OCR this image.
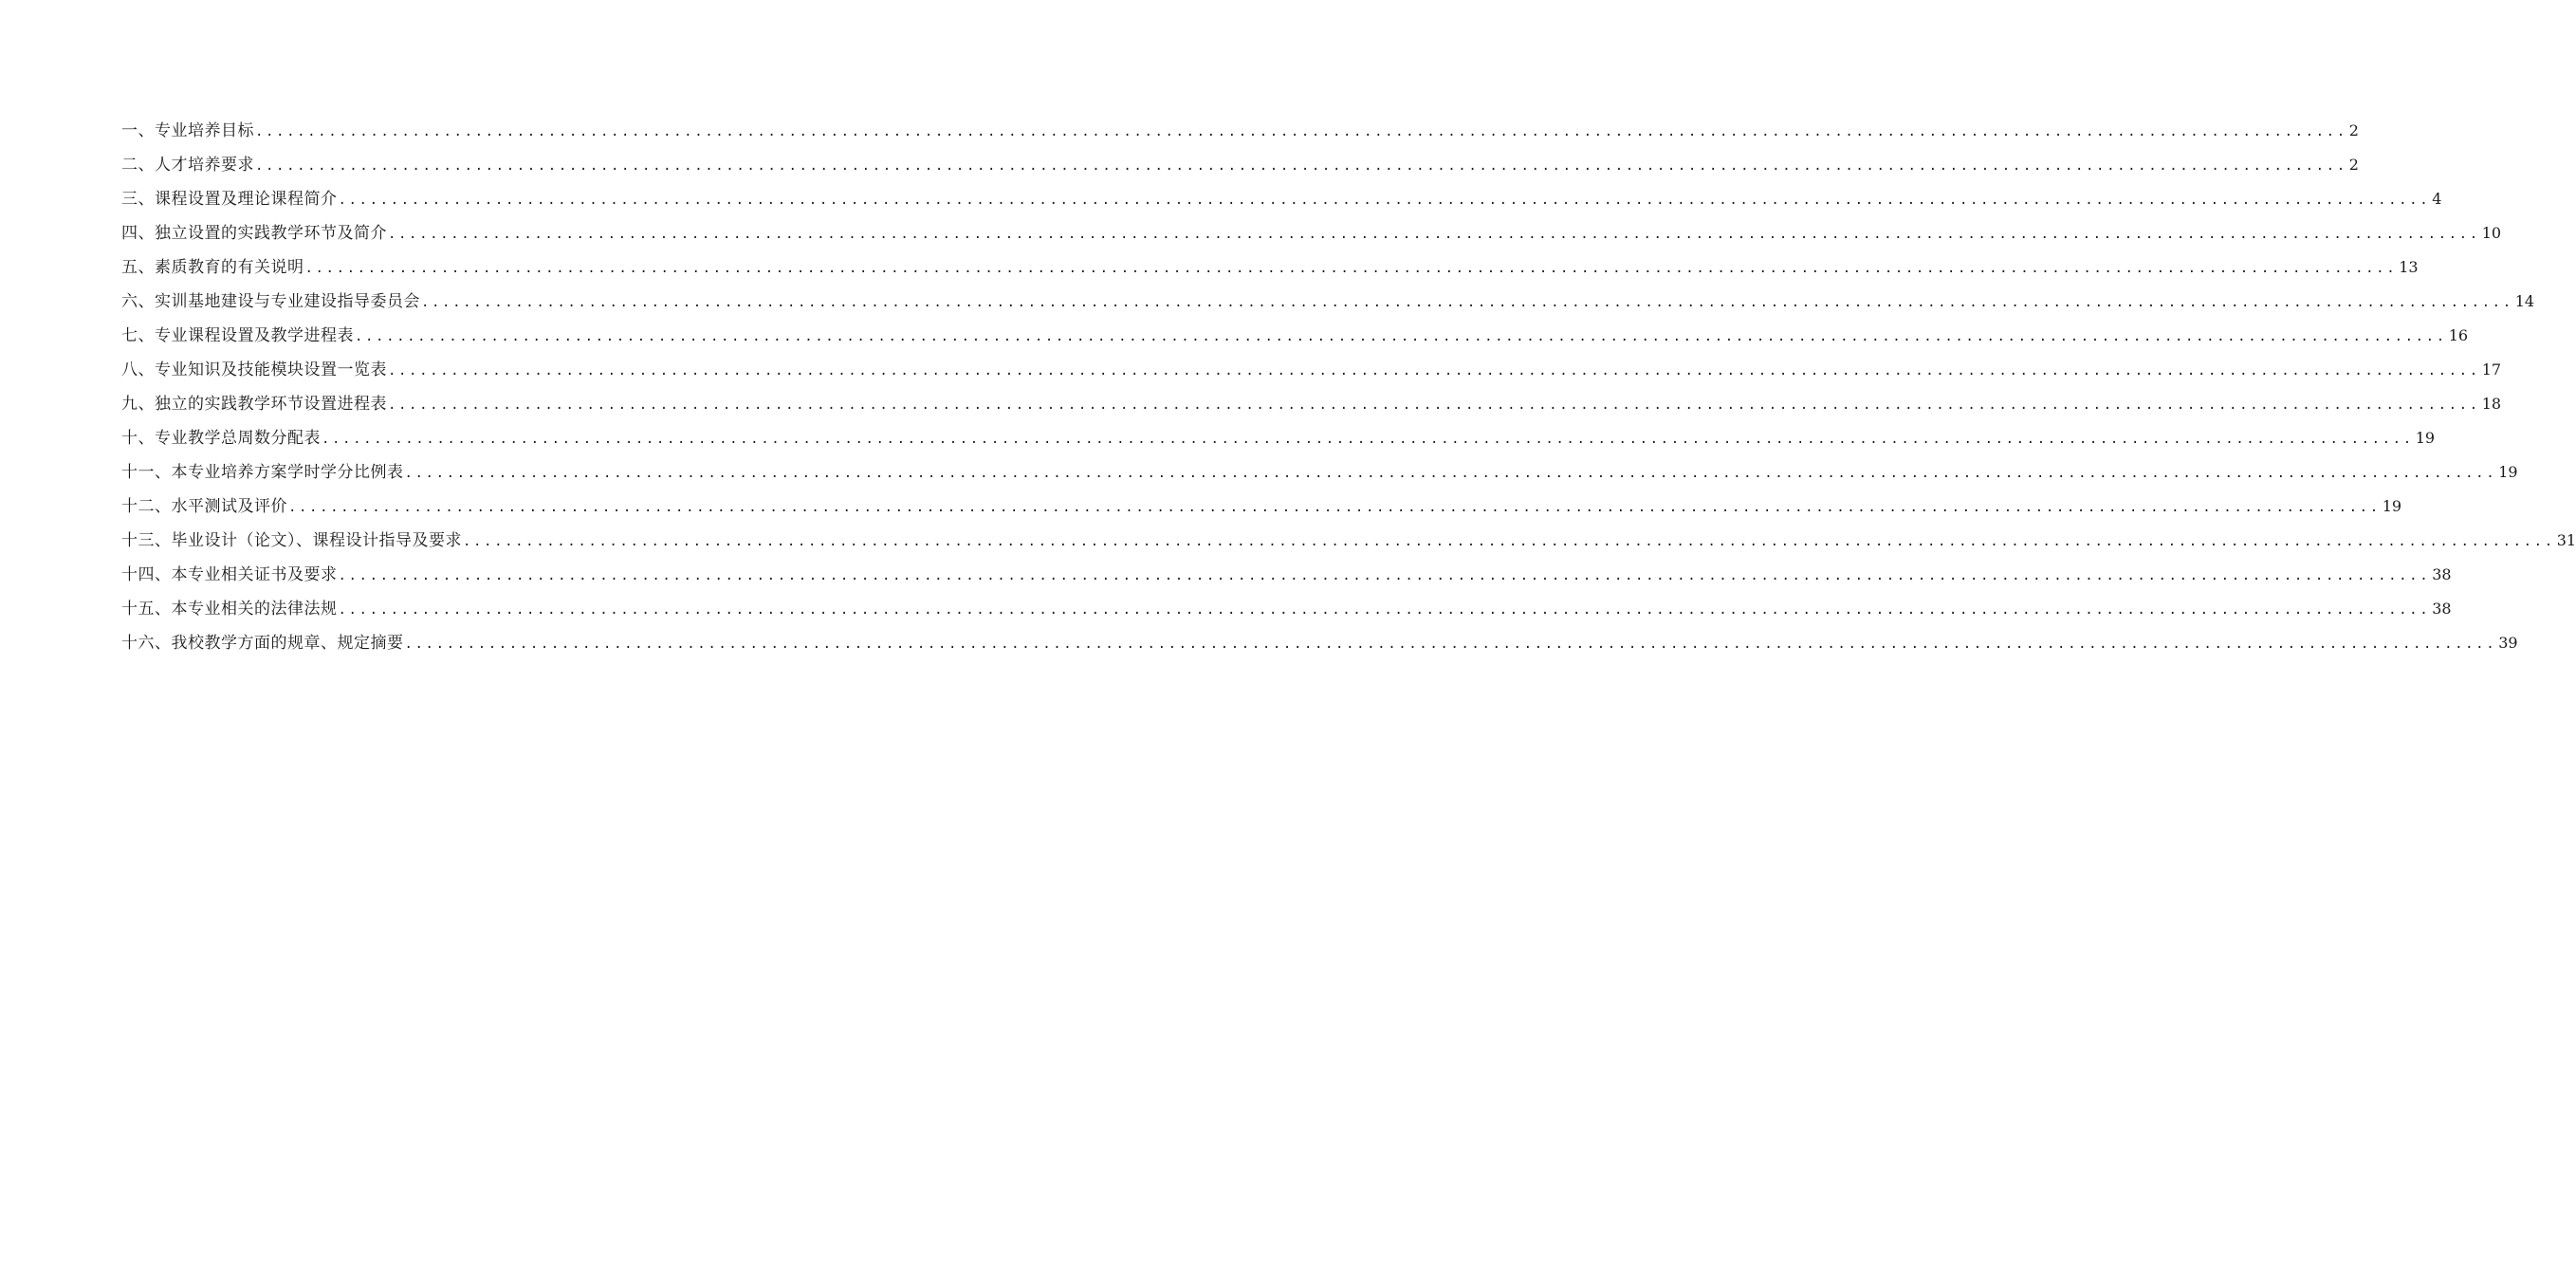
一、专业培养目标 ........................................................................................................................................................................................................ 2
二、人才培养要求 ........................................................................................................................................................................................................ 2
三、课程设置及理论课程简介 ........................................................................................................................................................................................................ 4
四、独立设置的实践教学环节及简介 ........................................................................................................................................................................................................ 10
五、素质教育的有关说明 ........................................................................................................................................................................................................ 13
六、实训基地建设与专业建设指导委员会 ........................................................................................................................................................................................................ 14
七、专业课程设置及教学进程表 ........................................................................................................................................................................................................ 16
八、专业知识及技能模块设置一览表 ........................................................................................................................................................................................................ 17
九、独立的实践教学环节设置进程表 ........................................................................................................................................................................................................ 18
十、专业教学总周数分配表 ........................................................................................................................................................................................................ 19
十一、本专业培养方案学时学分比例表 ........................................................................................................................................................................................................ 19
十二、水平测试及评价 ........................................................................................................................................................................................................ 19
十三、毕业设计（论文）、课程设计指导及要求 ........................................................................................................................................................................................................ 31
十四、本专业相关证书及要求 ........................................................................................................................................................................................................ 38
十五、本专业相关的法律法规 ........................................................................................................................................................................................................ 38
十六、我校教学方面的规章、规定摘要 ........................................................................................................................................................................................................ 39
